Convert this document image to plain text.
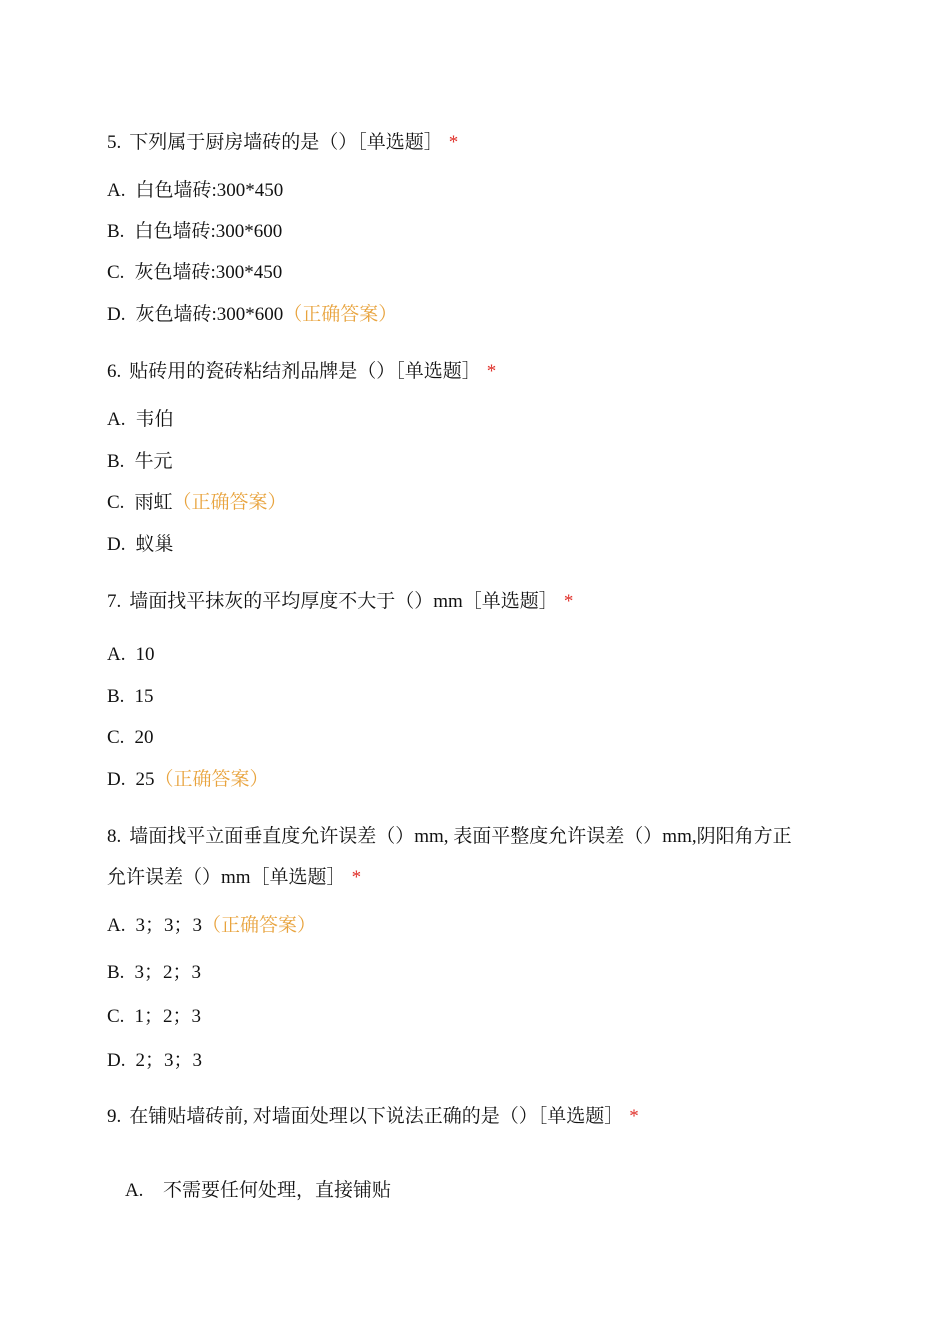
5. 下列属于厨房墙砖的是（）［单选题］ *
A. 白色墙砖:300*450
B. 白色墙砖:300*600
C. 灰色墙砖:300*450
D. 灰色墙砖:300*600（正确答案）
6. 贴砖用的瓷砖粘结剂品牌是（）［单选题］ *
A. 韦伯
B. 牛元
C. 雨虹（正确答案）
D. 蚁巢
7. 墙面找平抹灰的平均厚度不大于（）mm［单选题］ *
A. 10
B. 15
C. 20
D. 25（正确答案）
8. 墙面找平立面垂直度允许误差（）mm, 表面平整度允许误差（）mm,阴阳角方正
允许误差（）mm［单选题］ *
A. 3；3；3（正确答案）
B. 3；2；3
C. 1；2；3
D. 2；3；3
9. 在铺贴墙砖前, 对墙面处理以下说法正确的是（）［单选题］ *

A.  不需要任何处理，直接铺贴
